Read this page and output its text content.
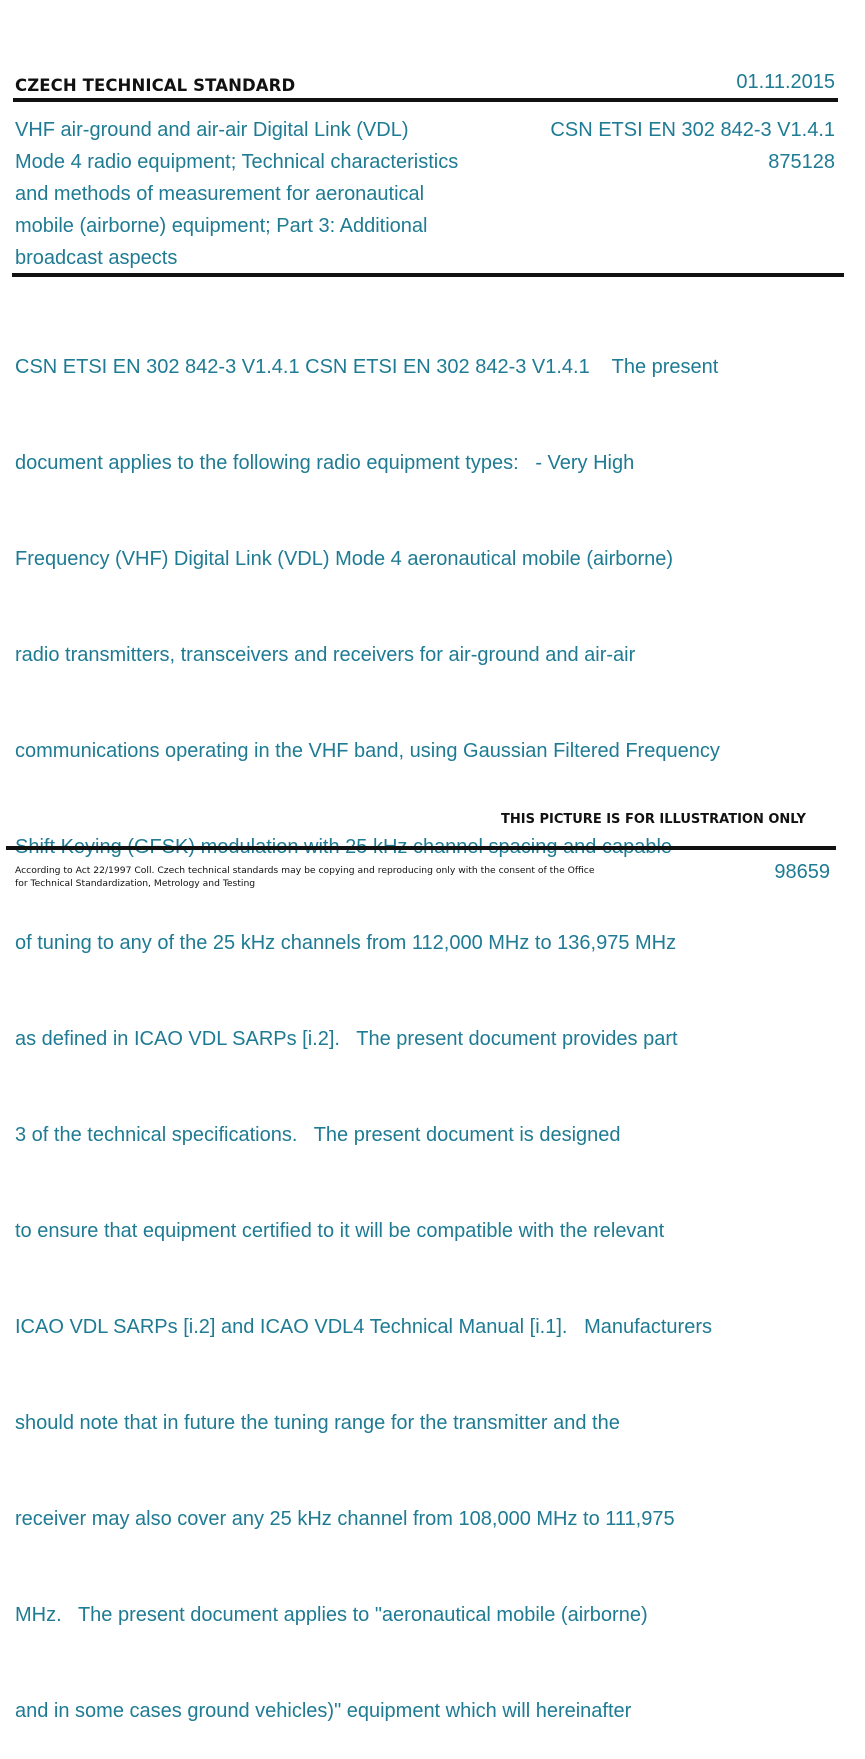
CZECH TECHNICAL STANDARD	01.11.2015
VHF air-ground and air-air Digital Link (VDL)
Mode 4 radio equipment; Technical characteristics
and methods of measurement for aeronautical
mobile (airborne) equipment; Part 3: Additional
broadcast aspects
CSN ETSI EN 302 842-3 V1.4.1
875128

CSN ETSI EN 302 842-3 V1.4.1 CSN ETSI EN 302 842-3 V1.4.1    The present

document applies to the following radio equipment types:   - Very High

Frequency (VHF) Digital Link (VDL) Mode 4 aeronautical mobile (airborne)

radio transmitters, transceivers and receivers for air-ground and air-air

communications operating in the VHF band, using Gaussian Filtered Frequency

of tuning to any of the 25 kHz channels from 112,000 MHz to 136,975 MHz

as defined in ICAO VDL SARPs [i.2].   The present document provides part

3 of the technical specifications.   The present document is designed

to ensure that equipment certified to it will be compatible with the relevant

ICAO VDL SARPs [i.2] and ICAO VDL4 Technical Manual [i.1].   Manufacturers

should note that in future the tuning range for the transmitter and the

receiver may also cover any 25 kHz channel from 108,000 MHz to 111,975

MHz.   The present document applies to "aeronautical mobile (airborne)

and in some cases ground vehicles)" equipment which will hereinafter

THIS PICTURE IS FOR ILLUSTRATION ONLY
According to Act 22/1997 Coll. Czech technical standards may be copying and reproducing only with the consent of the Office
for Technical Standardization, Metrology and Testing
98659
